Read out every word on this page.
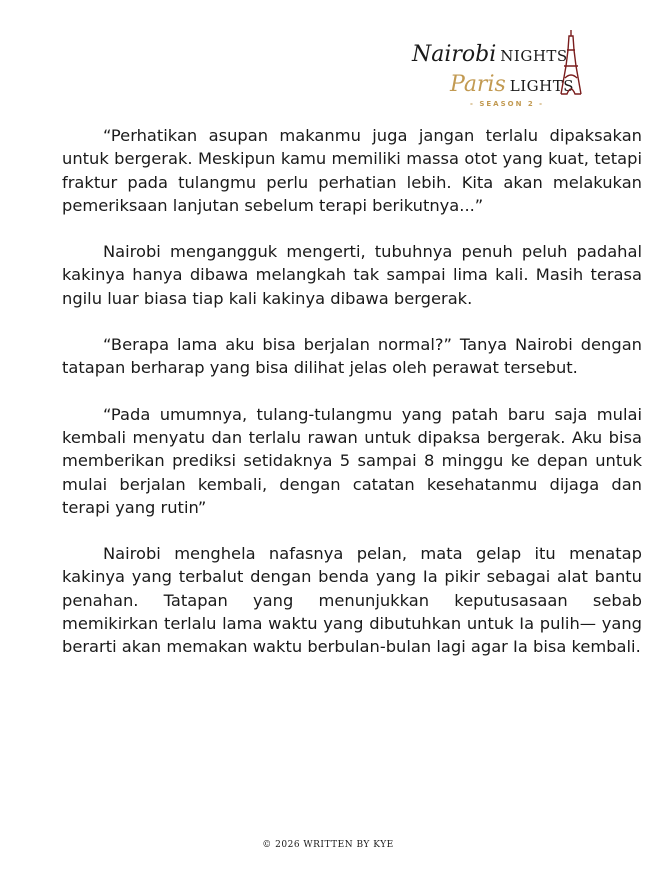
Nairobi NIGHTS
Paris LIGHTS
- SEASON 2 -

“Perhatikan asupan makanmu juga jangan terlalu dipaksakan untuk bergerak. Meskipun kamu memiliki massa otot yang kuat, tetapi fraktur pada tulangmu perlu perhatian lebih. Kita akan melakukan pemeriksaan lanjutan sebelum terapi berikutnya...”

Nairobi mengangguk mengerti, tubuhnya penuh peluh padahal kakinya hanya dibawa melangkah tak sampai lima kali. Masih terasa ngilu luar biasa tiap kali kakinya dibawa bergerak.

“Berapa lama aku bisa berjalan normal?” Tanya Nairobi dengan tatapan berharap yang bisa dilihat jelas oleh perawat tersebut.

“Pada umumnya, tulang-tulangmu yang patah baru saja mulai kembali menyatu dan terlalu rawan untuk dipaksa bergerak. Aku bisa memberikan prediksi setidaknya 5 sampai 8 minggu ke depan untuk mulai berjalan kembali, dengan catatan kesehatanmu dijaga dan terapi yang rutin”

Nairobi menghela nafasnya pelan, mata gelap itu menatap kakinya yang terbalut dengan benda yang Ia pikir sebagai alat bantu penahan. Tatapan yang menunjukkan keputusasaan sebab memikirkan terlalu lama waktu yang dibutuhkan untuk Ia pulih— yang berarti akan memakan waktu berbulan-bulan lagi agar Ia bisa kembali.

© 2026 WRITTEN BY KYE
